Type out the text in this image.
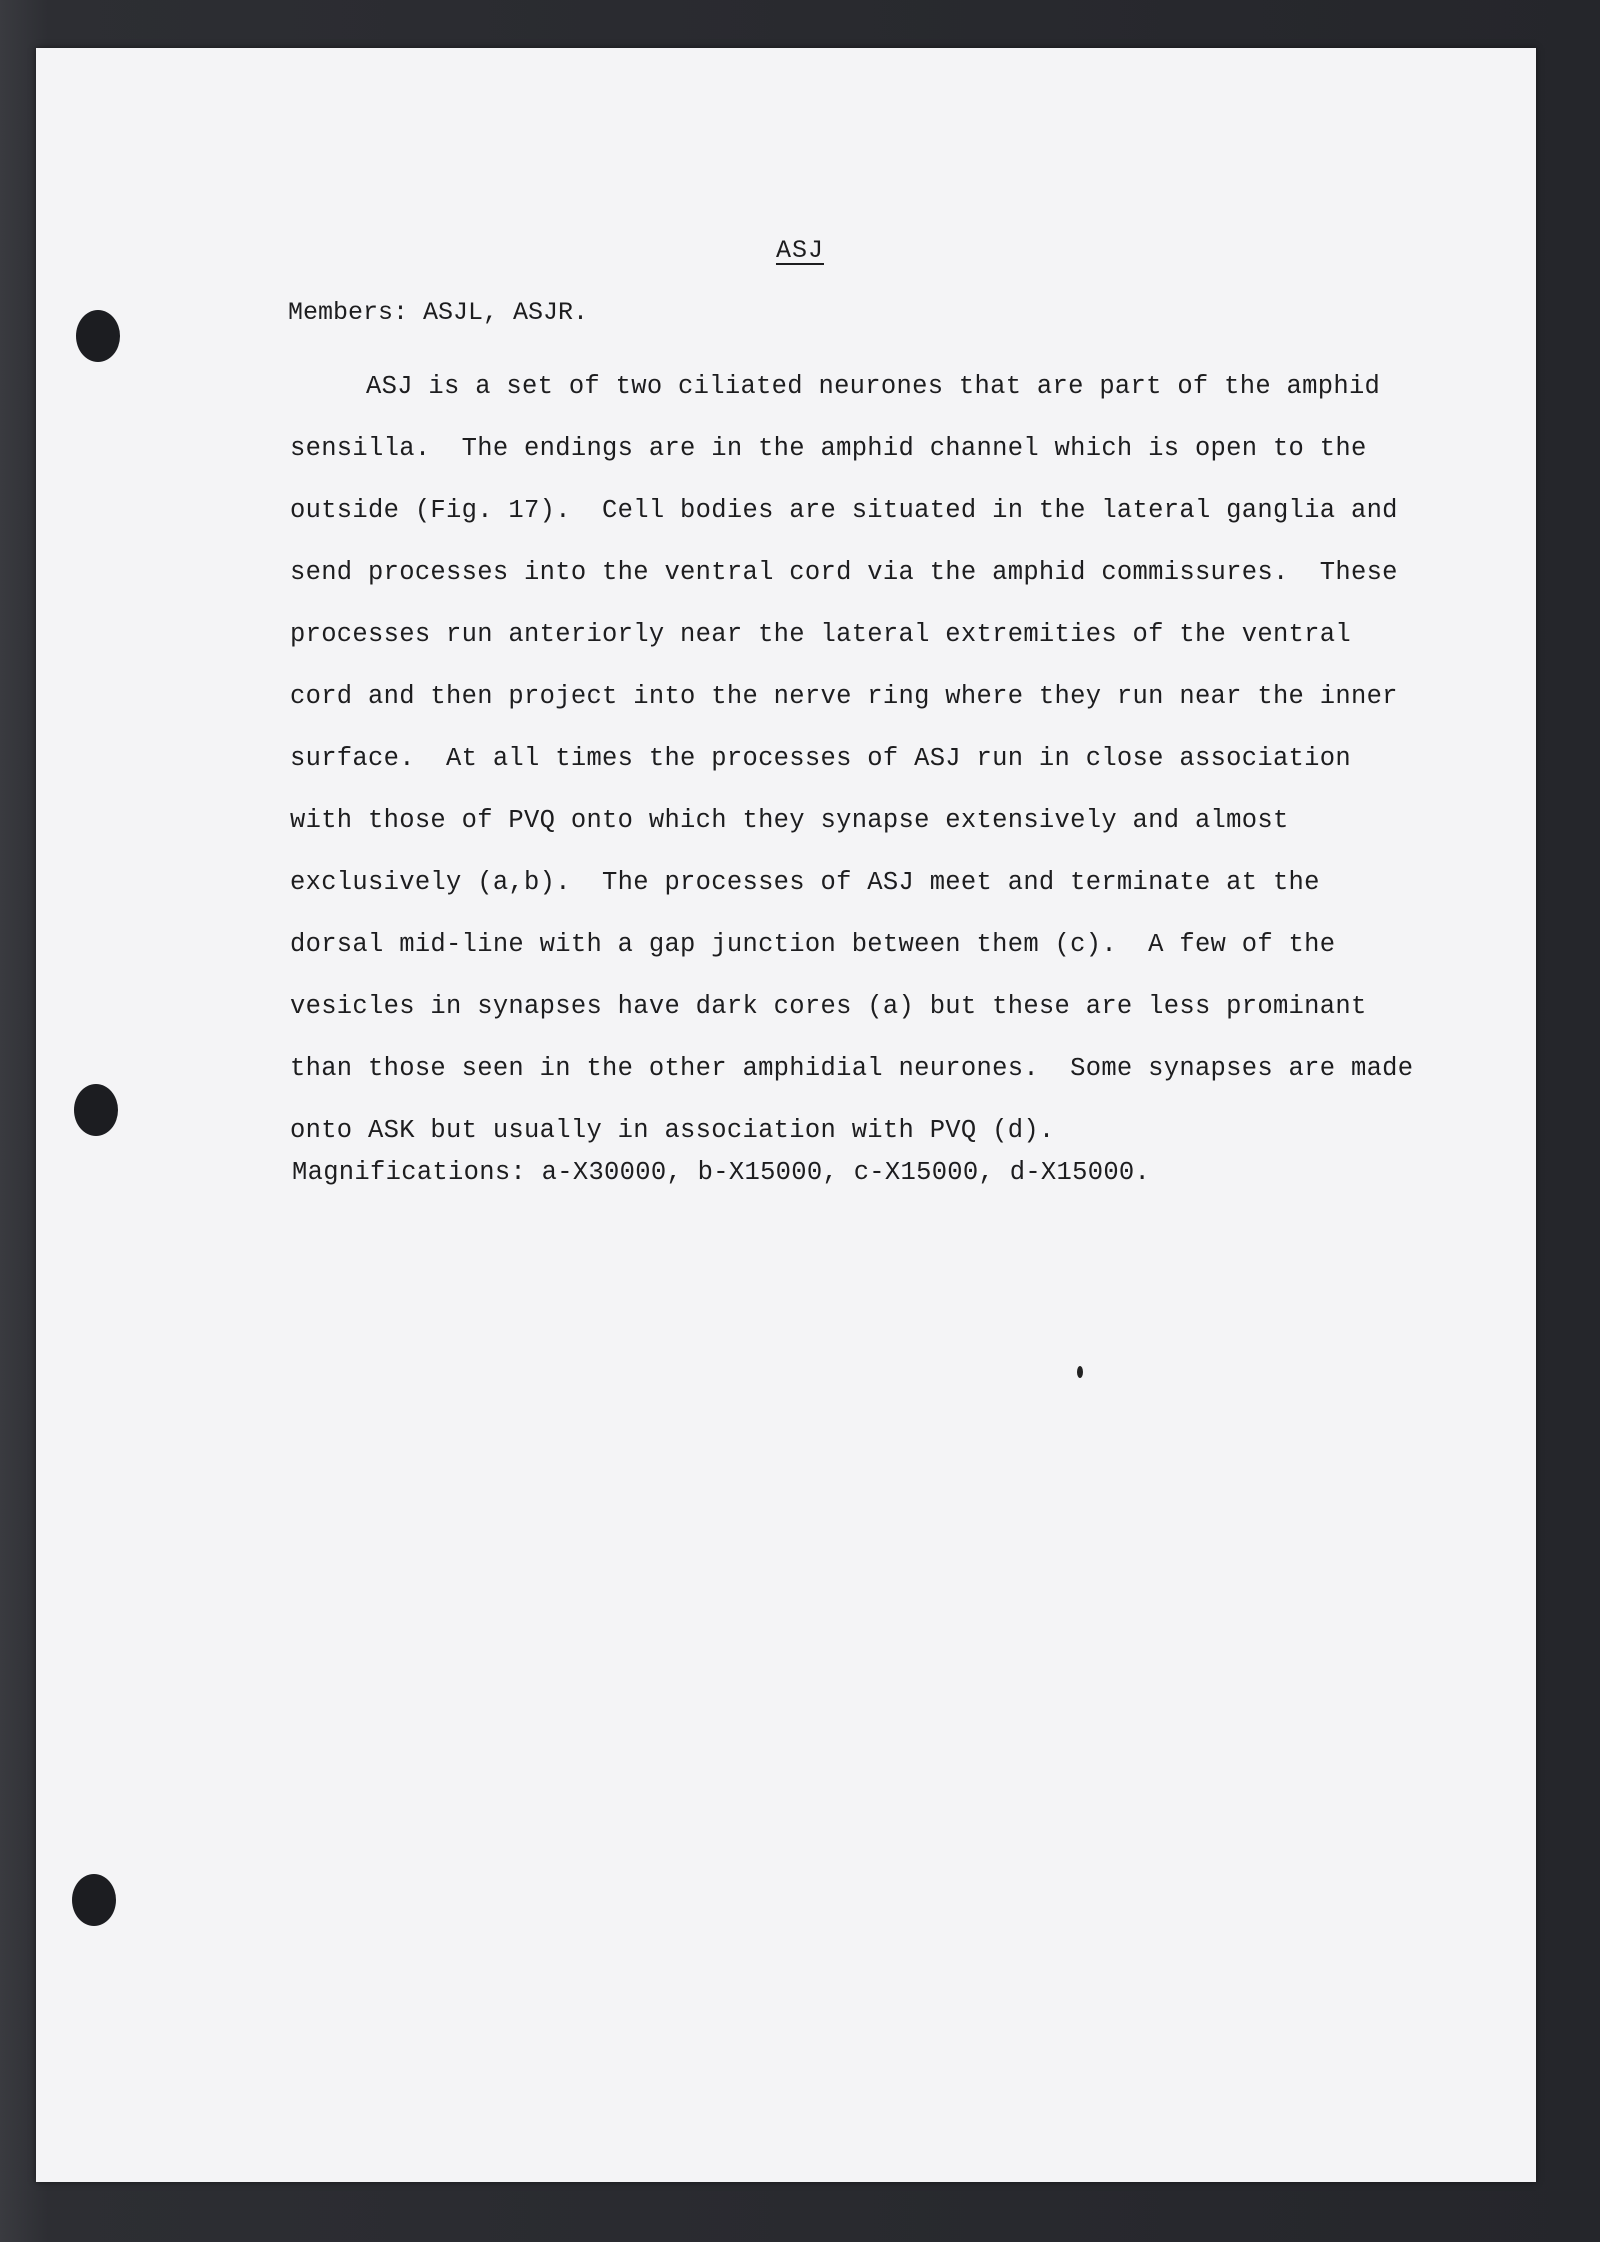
ASJ
Members: ASJL, ASJR.
ASJ is a set of two ciliated neurones that are part of the amphid
sensilla.  The endings are in the amphid channel which is open to the
outside (Fig. 17).  Cell bodies are situated in the lateral ganglia and
send processes into the ventral cord via the amphid commissures.  These
processes run anteriorly near the lateral extremities of the ventral
cord and then project into the nerve ring where they run near the inner
surface.  At all times the processes of ASJ run in close association
with those of PVQ onto which they synapse extensively and almost
exclusively (a,b).  The processes of ASJ meet and terminate at the
dorsal mid-line with a gap junction between them (c).  A few of the
vesicles in synapses have dark cores (a) but these are less prominant
than those seen in the other amphidial neurones.  Some synapses are made
onto ASK but usually in association with PVQ (d).
Magnifications: a-X30000, b-X15000, c-X15000, d-X15000.
